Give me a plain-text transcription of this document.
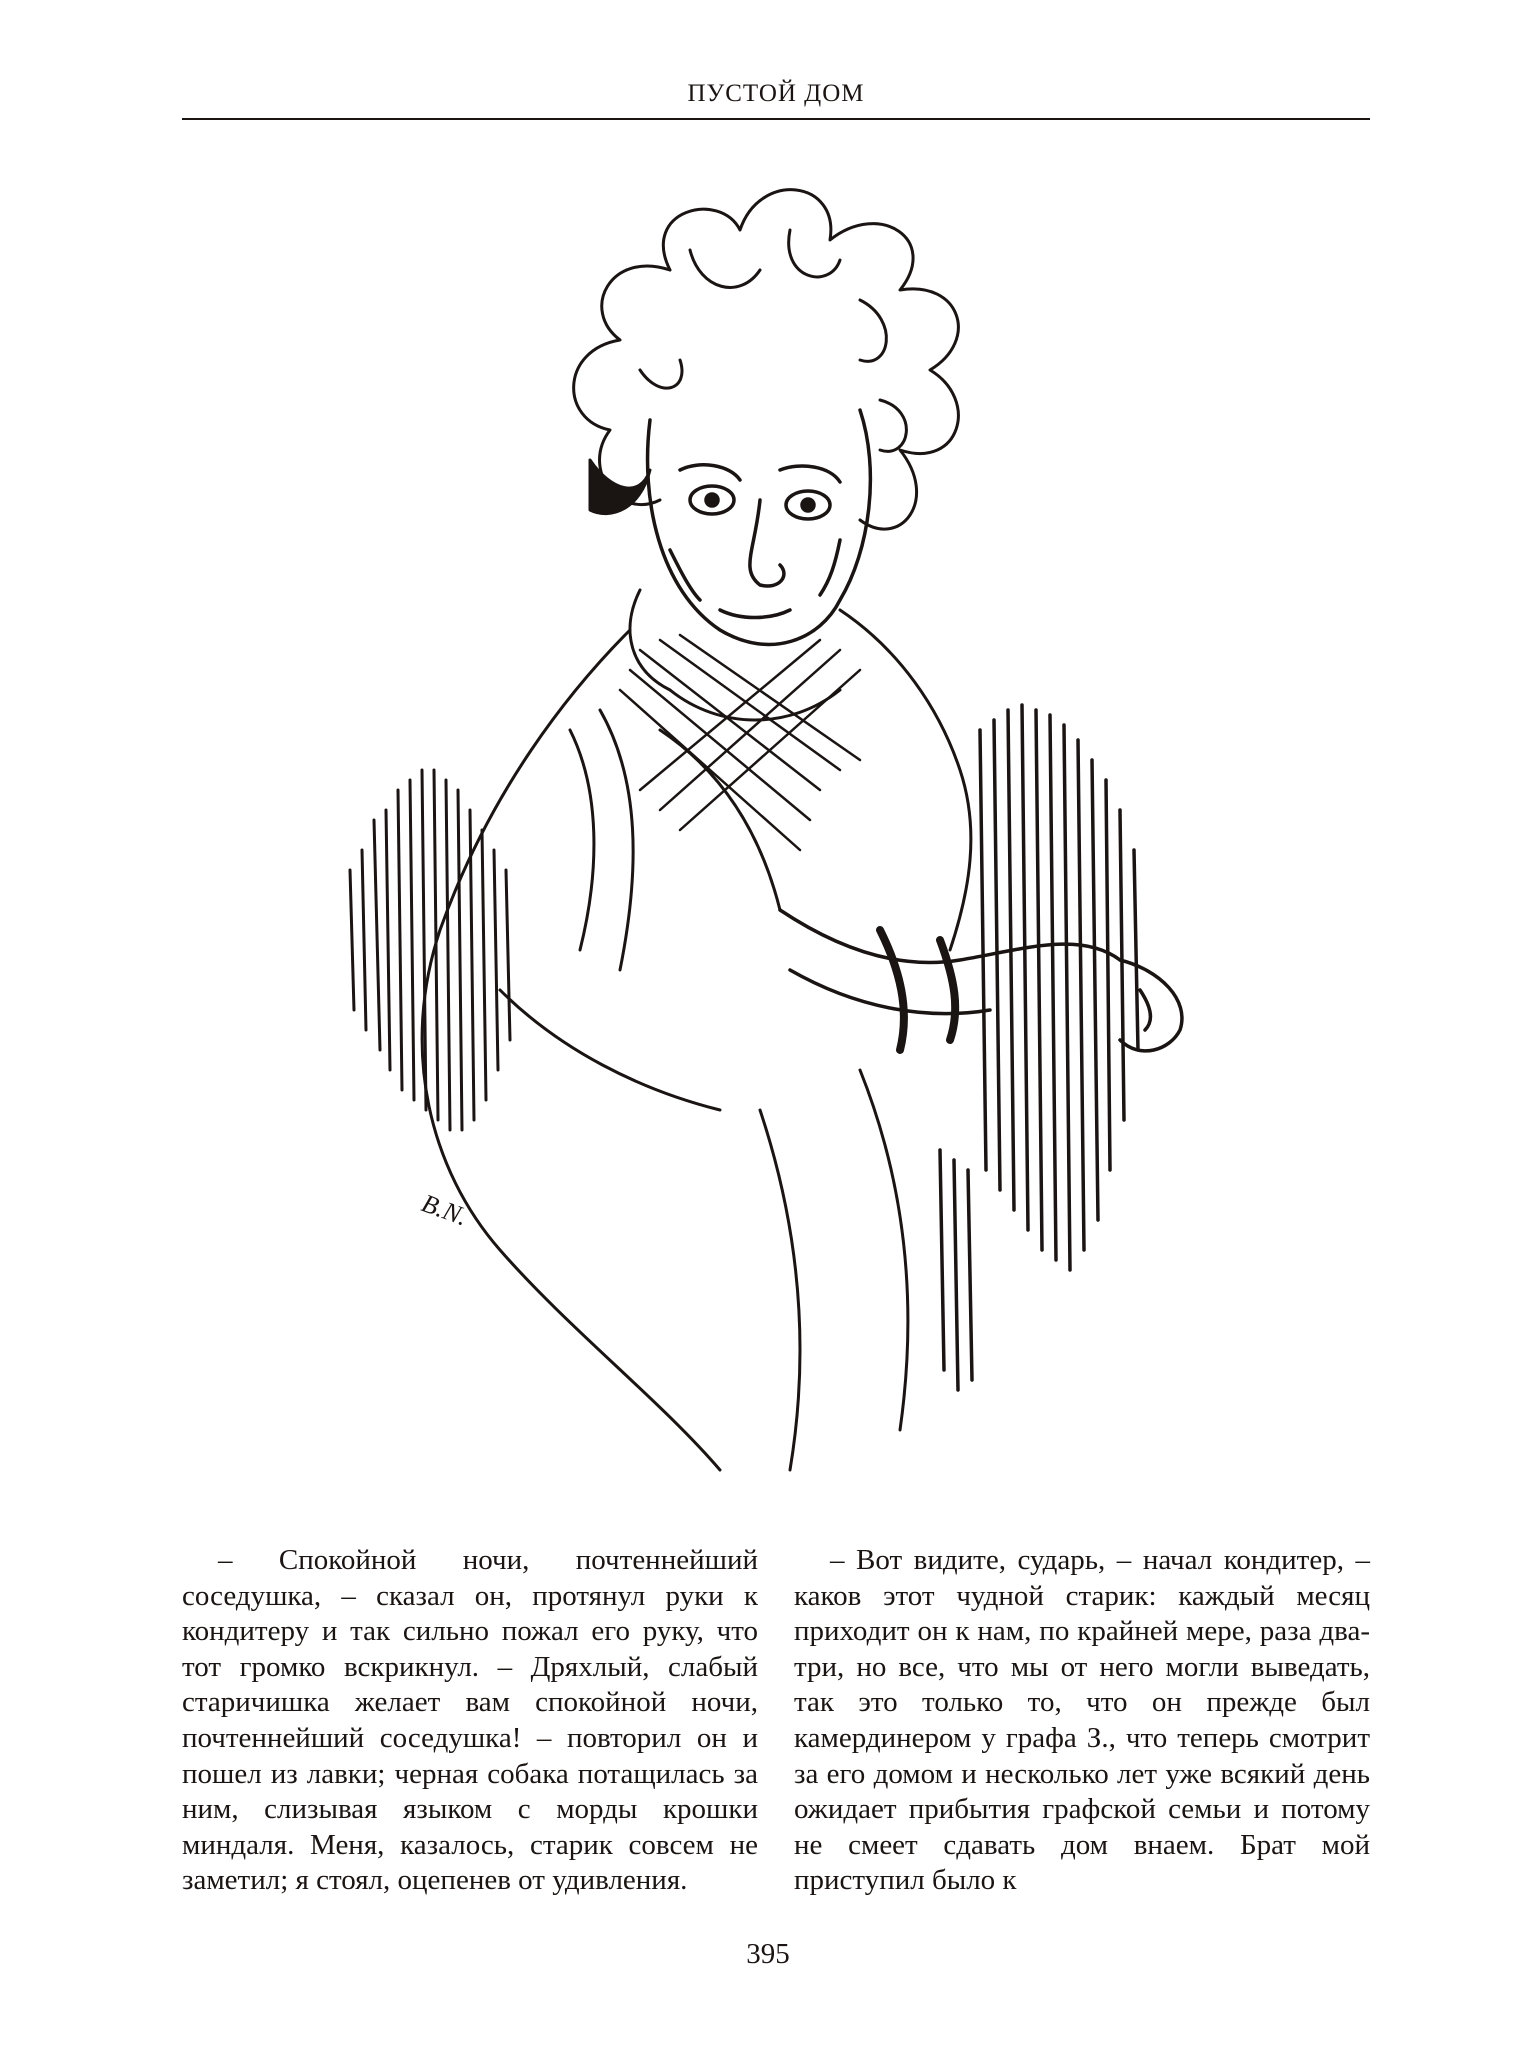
ПУСТОЙ ДОМ
B.N.

– Спокойной ночи, почтеннейший соседушка, – сказал он, протянул руки к кондитеру и так сильно пожал его руку, что тот громко вскрикнул. – Дряхлый, слабый старичишка желает вам спокойной ночи, почтеннейший соседушка! – повторил он и пошел из лавки; черная собака потащилась за ним, слизывая языком с морды крошки миндаля. Меня, казалось, старик совсем не заметил; я стоял, оцепенев от удивления.

– Вот видите, сударь, – начал кондитер, – каков этот чудной старик: каждый месяц приходит он к нам, по крайней мере, раза два-три, но все, что мы от него могли выведать, так это только то, что он прежде был камердинером у графа З., что теперь смотрит за его домом и несколько лет уже всякий день ожидает прибытия графской семьи и потому не смеет сдавать дом внаем. Брат мой приступил было к

395
